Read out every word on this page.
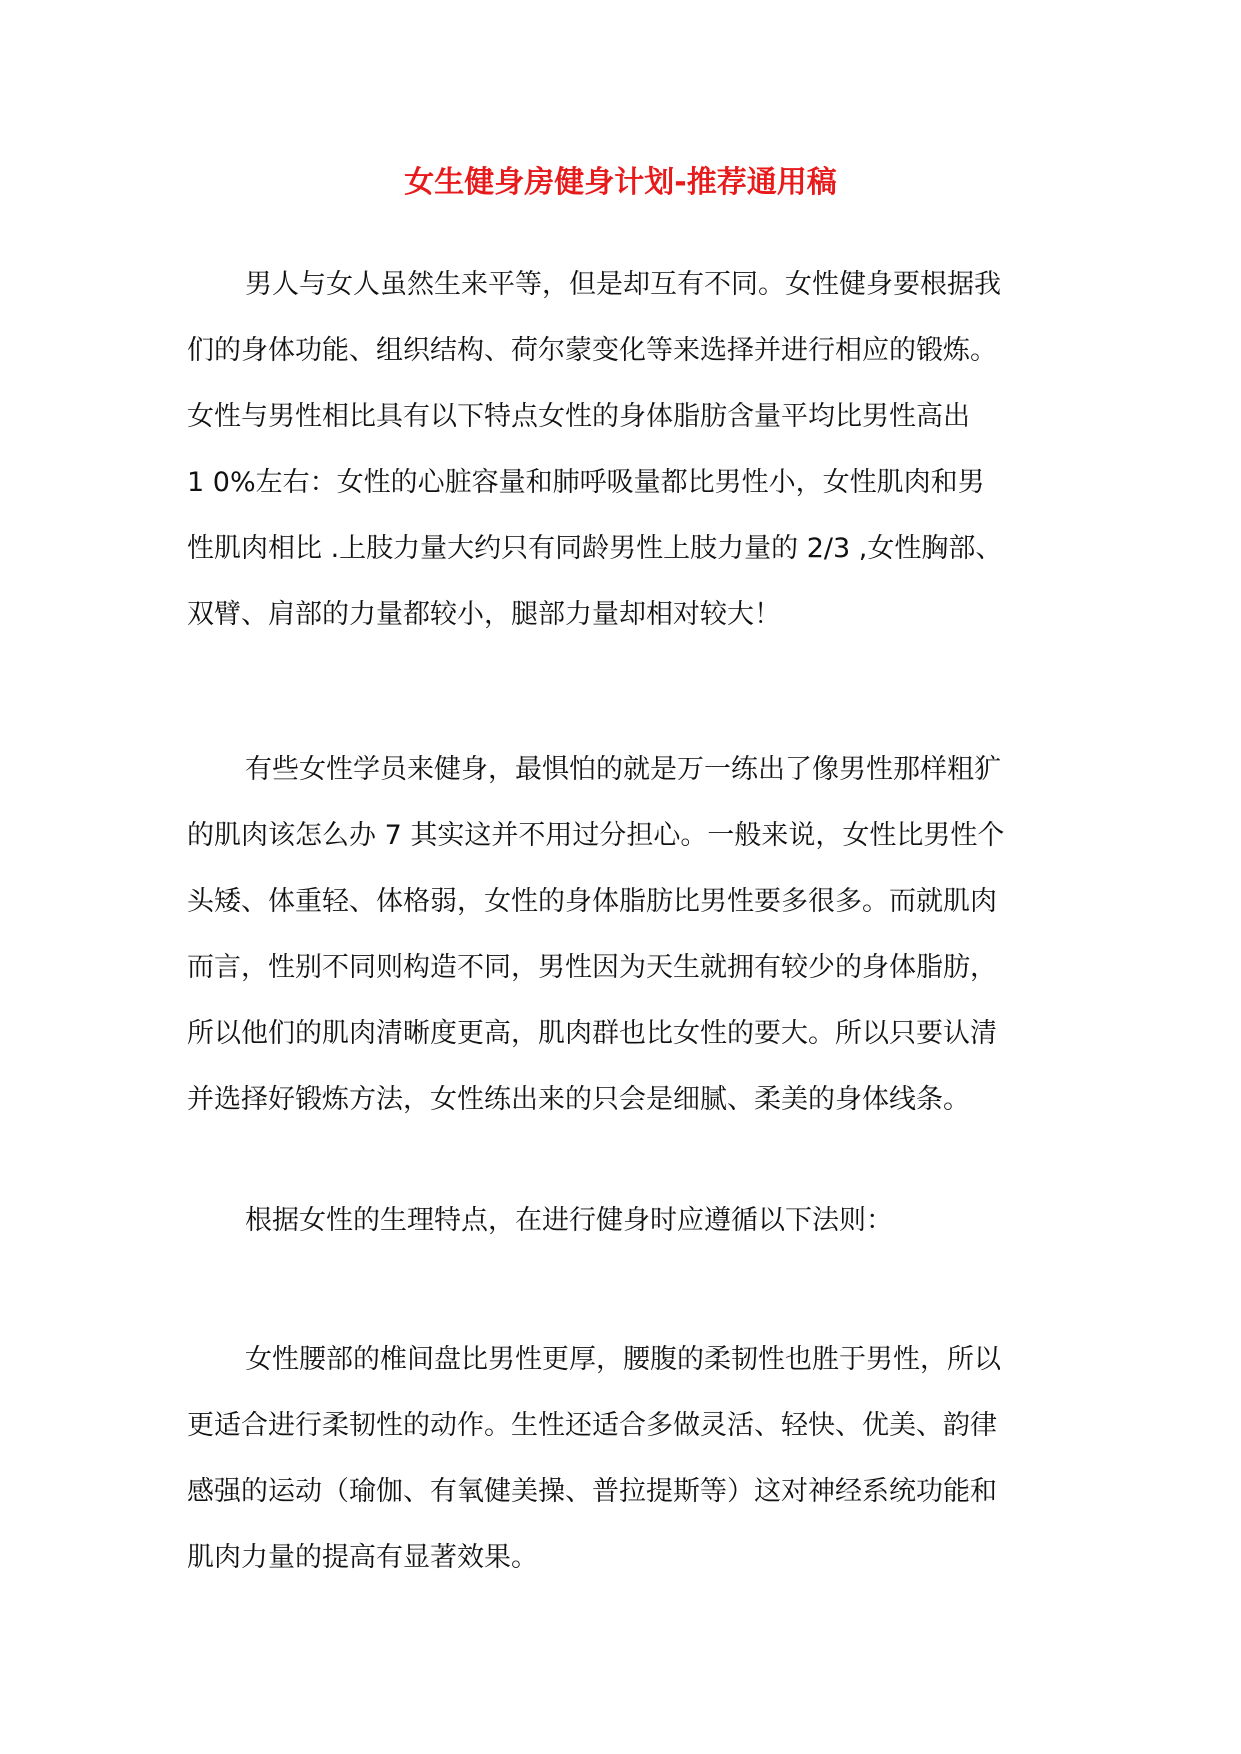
女生健身房健身计划-推荐通用稿
男人与女人虽然生来平等，但是却互有不同。女性健身要根据我
们的身体功能、组织结构、荷尔蒙变化等来选择并进行相应的锻炼。
女性与男性相比具有以下特点女性的身体脂肪含量平均比男性高出
1 0%左右：女性的心脏容量和肺呼吸量都比男性小，女性肌肉和男
性肌肉相比 .上肢力量大约只有同龄男性上肢力量的 2/3 ,女性胸部、
双臂、肩部的力量都较小，腿部力量却相对较大！
有些女性学员来健身，最惧怕的就是万一练出了像男性那样粗犷
的肌肉该怎么办 7 其实这并不用过分担心。一般来说，女性比男性个
头矮、体重轻、体格弱，女性的身体脂肪比男性要多很多。而就肌肉
而言，性别不同则构造不同，男性因为天生就拥有较少的身体脂肪，
所以他们的肌肉清晰度更高，肌肉群也比女性的要大。所以只要认清
并选择好锻炼方法，女性练出来的只会是细腻、柔美的身体线条。
根据女性的生理特点，在进行健身时应遵循以下法则：
女性腰部的椎间盘比男性更厚，腰腹的柔韧性也胜于男性，所以
更适合进行柔韧性的动作。生性还适合多做灵活、轻快、优美、韵律
感强的运动（瑜伽、有氧健美操、普拉提斯等）这对神经系统功能和
肌肉力量的提高有显著效果。
